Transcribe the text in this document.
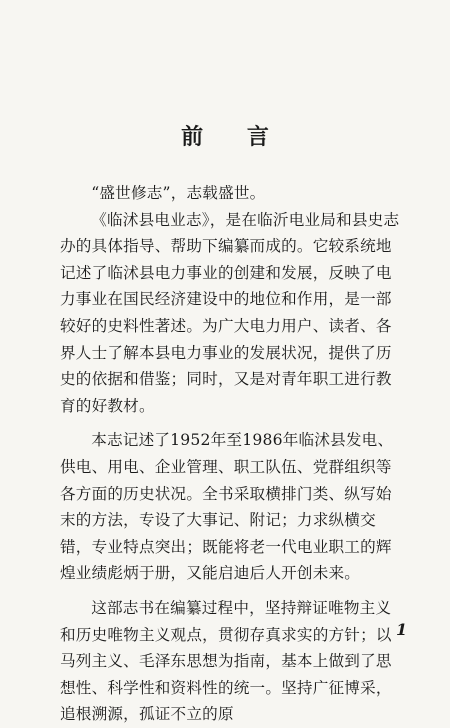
前 言

“盛世修志”，志载盛世。

《临沭县电业志》，是在临沂电业局和县史志办的具体指导、帮助下编纂而成的。它较系统地记述了临沭县电力事业的创建和发展，反映了电力事业在国民经济建设中的地位和作用，是一部较好的史料性著述。为广大电力用户、读者、各界人士了解本县电力事业的发展状况，提供了历史的依据和借鉴；同时，又是对青年职工进行教育的好教材。

本志记述了1952年至1986年临沭县发电、供电、用电、企业管理、职工队伍、党群组织等各方面的历史状况。全书采取横排门类、纵写始末的方法，专设了大事记、附记；力求纵横交错，专业特点突出；既能将老一代电业职工的辉煌业绩彪炳于册，又能启迪后人开创未来。

这部志书在编纂过程中，坚持辩证唯物主义和历史唯物主义观点，贯彻存真求实的方针；以马列主义、毛泽东思想为指南，基本上做到了思想性、科学性和资料性的统一。坚持广征博采，追根溯源，孤证不立的原

1
